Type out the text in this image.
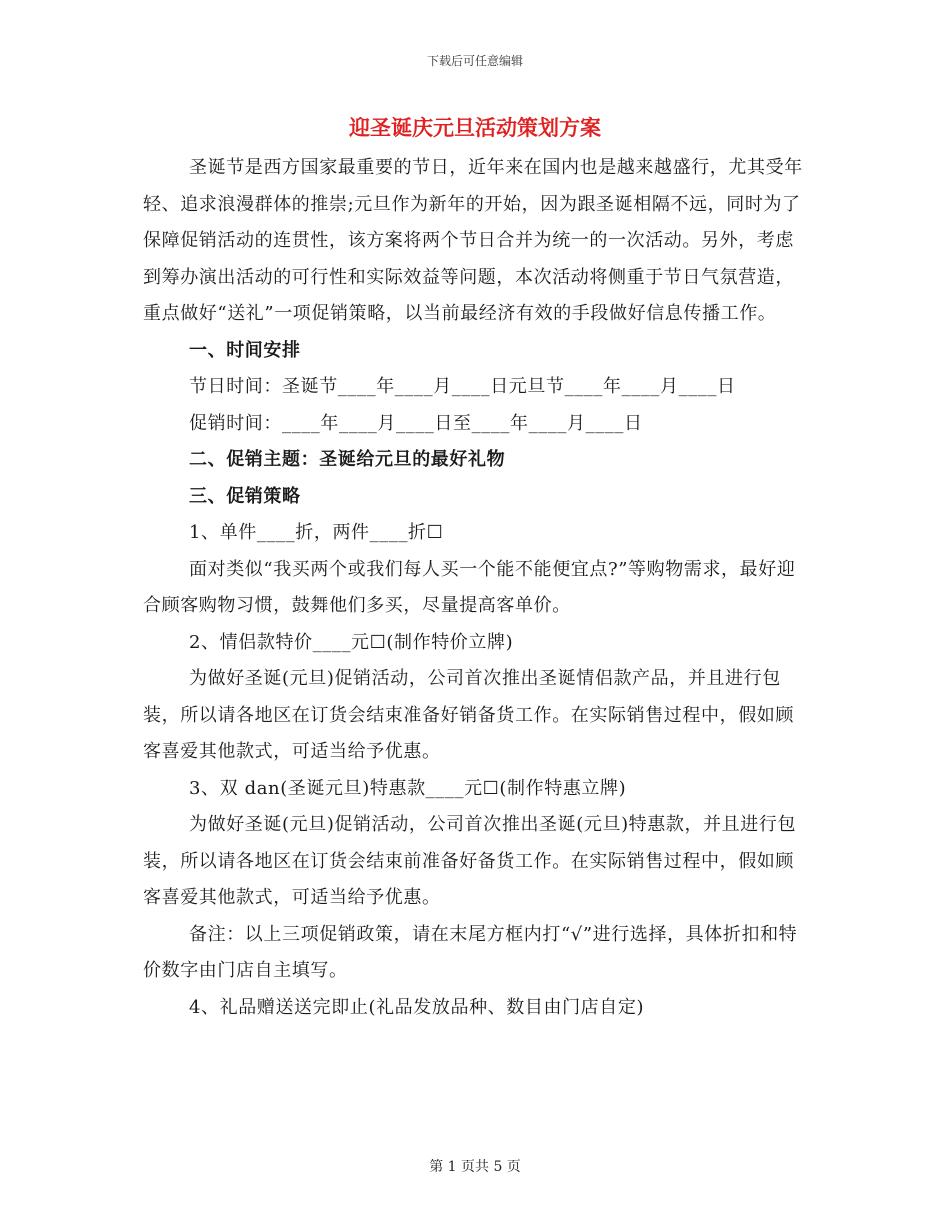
下载后可任意编辑
迎圣诞庆元旦活动策划方案

圣诞节是西方国家最重要的节日，近年来在国内也是越来越盛行，尤其受年轻、追求浪漫群体的推崇;元旦作为新年的开始，因为跟圣诞相隔不远，同时为了保障促销活动的连贯性，该方案将两个节日合并为统一的一次活动。另外，考虑到筹办演出活动的可行性和实际效益等问题，本次活动将侧重于节日气氛营造，重点做好“送礼”一项促销策略，以当前最经济有效的手段做好信息传播工作。

一、时间安排

节日时间：圣诞节____年____月____日元旦节____年____月____日

促销时间：____年____月____日至____年____月____日

二、促销主题：圣诞给元旦的最好礼物

三、促销策略

1、单件____折，两件____折☐

面对类似“我买两个或我们每人买一个能不能便宜点?”等购物需求，最好迎合顾客购物习惯，鼓舞他们多买，尽量提高客单价。

2、情侣款特价____元☐(制作特价立牌)

为做好圣诞(元旦)促销活动，公司首次推出圣诞情侣款产品，并且进行包装，所以请各地区在订货会结束准备好销备货工作。在实际销售过程中，假如顾客喜爱其他款式，可适当给予优惠。

3、双 dan(圣诞元旦)特惠款____元☐(制作特惠立牌)

为做好圣诞(元旦)促销活动，公司首次推出圣诞(元旦)特惠款，并且进行包装，所以请各地区在订货会结束前准备好备货工作。在实际销售过程中，假如顾客喜爱其他款式，可适当给予优惠。

备注：以上三项促销政策，请在末尾方框内打“√”进行选择，具体折扣和特价数字由门店自主填写。

4、礼品赠送送完即止(礼品发放品种、数目由门店自定)

第 1 页共 5 页
